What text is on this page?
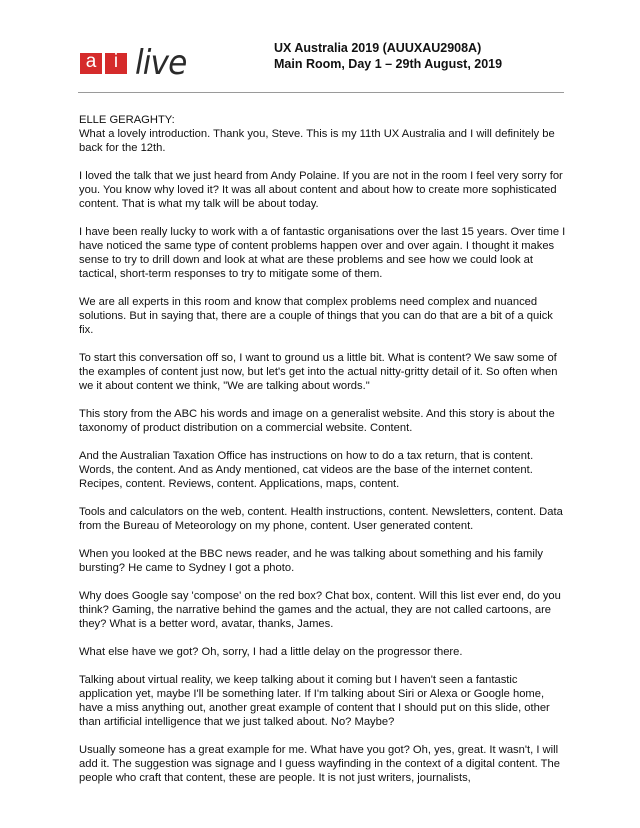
a i live	UX Australia 2019 (AUUXAU2908A)
Main Room, Day 1 – 29th August, 2019

ELLE GERAGHTY:

What a lovely introduction. Thank you, Steve. This is my 11th UX Australia and I will definitely be back for the 12th.

I loved the talk that we just heard from Andy Polaine. If you are not in the room I feel very sorry for you. You know why loved it? It was all about content and about how to create more sophisticated content. That is what my talk will be about today.

I have been really lucky to work with a of fantastic organisations over the last 15 years. Over time I have noticed the same type of content problems happen over and over again. I thought it makes sense to try to drill down and look at what are these problems and see how we could look at tactical, short-term responses to try to mitigate some of them.

We are all experts in this room and know that complex problems need complex and nuanced solutions. But in saying that, there are a couple of things that you can do that are a bit of a quick fix.

To start this conversation off so, I want to ground us a little bit. What is content? We saw some of the examples of content just now, but let's get into the actual nitty-gritty detail of it. So often when we it about content we think, "We are talking about words."

This story from the ABC his words and image on a generalist website. And this story is about the taxonomy of product distribution on a commercial website. Content.

And the Australian Taxation Office has instructions on how to do a tax return, that is content. Words, the content. And as Andy mentioned, cat videos are the base of the internet content. Recipes, content. Reviews, content. Applications, maps, content.

Tools and calculators on the web, content. Health instructions, content. Newsletters, content. Data from the Bureau of Meteorology on my phone, content. User generated content.

When you looked at the BBC news reader, and he was talking about something and his family bursting? He came to Sydney I got a photo.

Why does Google say 'compose' on the red box? Chat box, content. Will this list ever end, do you think? Gaming, the narrative behind the games and the actual, they are not called cartoons, are they? What is a better word, avatar, thanks, James.

What else have we got? Oh, sorry, I had a little delay on the progressor there.

Talking about virtual reality, we keep talking about it coming but I haven't seen a fantastic application yet, maybe I'll be something later. If I'm talking about Siri or Alexa or Google home, have a miss anything out, another great example of content that I should put on this slide, other than artificial intelligence that we just talked about. No? Maybe?

Usually someone has a great example for me. What have you got? Oh, yes, great. It wasn't, I will add it. The suggestion was signage and I guess wayfinding in the context of a digital content. The people who craft that content, these are people. It is not just writers, journalists,
